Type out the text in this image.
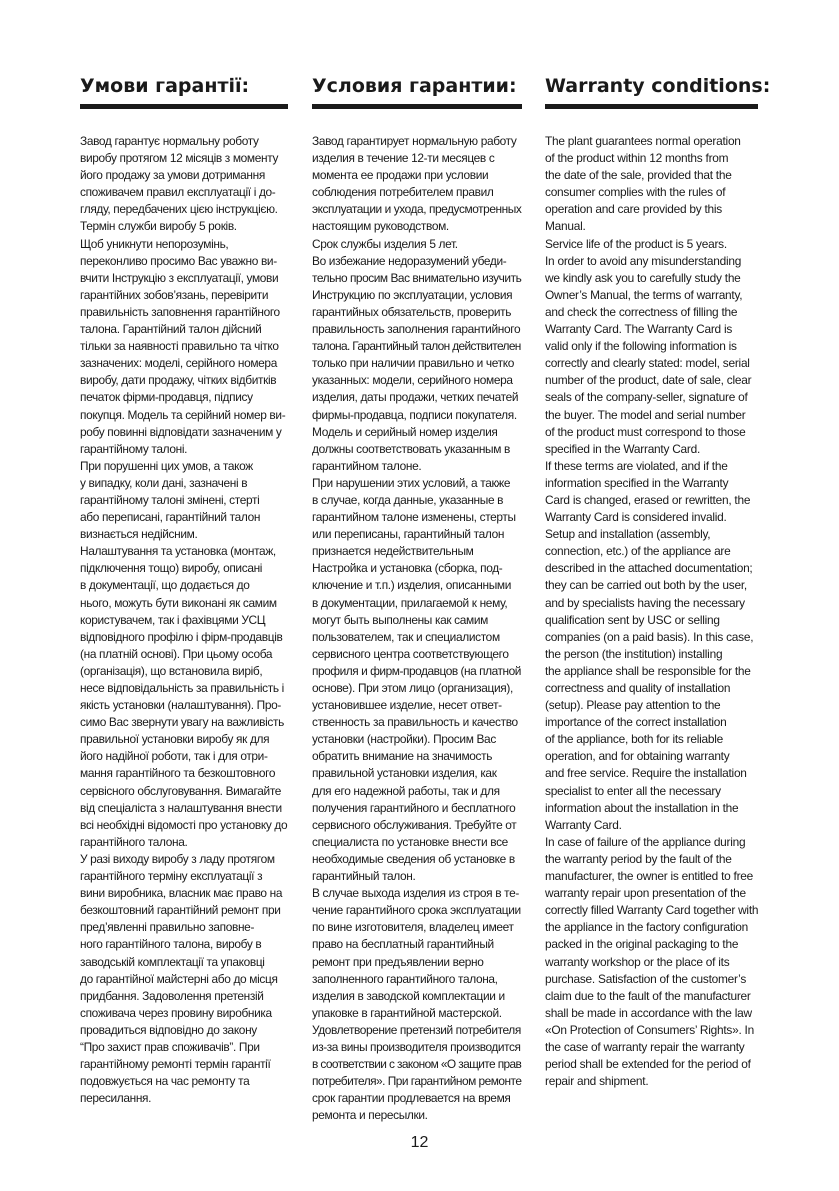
Умови гарантії:
Завод гарантує нормальну роботу
виробу протягом 12 місяців з моменту
його продажу за умови дотримання
споживачем правил експлуатації і до-
гляду, передбачених цією інструкцією.
Термін служби виробу 5 років.
Щоб уникнути непорозумінь,
переконливо просимо Вас уважно ви-
вчити Інструкцію з експлуатації, умови
гарантійних зобов’язань, перевірити
правильність заповнення гарантійного
талона. Гарантійний талон дійсний
тільки за наявності правильно та чітко
зазначених: моделі, серійного номера
виробу, дати продажу, чітких відбитків
печаток фірми-продавця, підпису
покупця. Модель та серійний номер ви-
робу повинні відповідати зазначеним у
гарантійному талоні.
При порушенні цих умов, а також
у випадку, коли дані, зазначені в
гарантійному талоні змінені, стерті
або переписані, гарантійний талон
визнається недійсним.
Налаштування та установка (монтаж,
підключення тощо) виробу, описані
в документації, що додається до
нього, можуть бути виконані як самим
користувачем, так і фахівцями УСЦ
відповідного профілю і фірм-продавців
(на платній основі). При цьому особа
(організація), що встановила виріб,
несе відповідальність за правильність і
якість установки (налаштування). Про-
симо Вас звернути увагу на важливість
правильної установки виробу як для
його надійної роботи, так і для отри-
мання гарантійного та безкоштовного
сервісного обслуговування. Вимагайте
від спеціаліста з налаштування внести
всі необхідні відомості про установку до
гарантійного талона.
У разі виходу виробу з ладу протягом
гарантійного терміну експлуатації з
вини виробника, власник має право на
безкоштовний гарантійний ремонт при
пред’явленні правильно заповне-
ного гарантійного талона, виробу в
заводській комплектації та упаковці
до гарантійної майстерні або до місця
придбання. Задоволення претензій
споживача через провину виробника
провадиться відповідно до закону
“Про захист прав споживачів”. При
гарантійному ремонті термін гарантії
подовжується на час ремонту та
пересилання.
Условия гарантии:
Завод гарантирует нормальную работу
изделия в течение 12-ти месяцев с
момента ее продажи при условии
соблюдения потребителем правил
эксплуатации и ухода, предусмотренных
настоящим руководством.
Срок службы изделия 5 лет.
Во избежание недоразумений убеди-
тельно просим Вас внимательно изучить
Инструкцию по эксплуатации, условия
гарантийных обязательств, проверить
правильность заполнения гарантийного
талона. Гарантийный талон действителен
только при наличии правильно и четко
указанных: модели, серийного номера
изделия, даты продажи, четких печатей
фирмы-продавца, подписи покупателя.
Модель и серийный номер изделия
должны соответствовать указанным в
гарантийном талоне.
При нарушении этих условий, а также
в случае, когда данные, указанные в
гарантийном талоне изменены, стерты
или переписаны, гарантийный талон
признается недействительным
Настройка и установка (сборка, под-
ключение и т.п.) изделия, описанными
в документации, прилагаемой к нему,
могут быть выполнены как самим
пользователем, так и специалистом
сервисного центра соответствующего
профиля и фирм-продавцов (на платной
основе). При этом лицо (организация),
установившее изделие, несет ответ-
ственность за правильность и качество
установки (настройки). Просим Вас
обратить внимание на значимость
правильной установки изделия, как
для его надежной работы, так и для
получения гарантийного и бесплатного
сервисного обслуживания. Требуйте от
специалиста по установке внести все
необходимые сведения об установке в
гарантийный талон.
В случае выхода изделия из строя в те-
чение гарантийного срока эксплуатации
по вине изготовителя, владелец имеет
право на бесплатный гарантийный
ремонт при предъявлении верно
заполненного гарантийного талона,
изделия в заводской комплектации и
упаковке в гарантийной мастерской.
Удовлетворение претензий потребителя
из-за вины производителя производится
в соответствии с законом «О защите прав
потребителя». При гарантийном ремонте
срок гарантии продлевается на время
ремонта и пересылки.
Warranty conditions:
The plant guarantees normal operation
of the product within 12 months from
the date of the sale, provided that the
consumer complies with the rules of
operation and care provided by this
Manual.
Service life of the product is 5 years.
In order to avoid any misunderstanding
we kindly ask you to carefully study the
Owner’s Manual, the terms of warranty,
and check the correctness of filling the
Warranty Card. The Warranty Card is
valid only if the following information is
correctly and clearly stated: model, serial
number of the product, date of sale, clear
seals of the company-seller, signature of
the buyer. The model and serial number
of the product must correspond to those
specified in the Warranty Card.
If these terms are violated, and if the
information specified in the Warranty
Card is changed, erased or rewritten, the
Warranty Card is considered invalid.
Setup and installation (assembly,
connection, etc.) of the appliance are
described in the attached documentation;
they can be carried out both by the user,
and by specialists having the necessary
qualification sent by USC or selling
companies (on a paid basis). In this case,
the person (the institution) installing
the appliance shall be responsible for the
correctness and quality of installation
(setup). Please pay attention to the
importance of the correct installation
of the appliance, both for its reliable
operation, and for obtaining warranty
and free service. Require the installation
specialist to enter all the necessary
information about the installation in the
Warranty Card.
In case of failure of the appliance during
the warranty period by the fault of the
manufacturer, the owner is entitled to free
warranty repair upon presentation of the
correctly filled Warranty Card together with
the appliance in the factory configuration
packed in the original packaging to the
warranty workshop or the place of its
purchase. Satisfaction of the customer’s
claim due to the fault of the manufacturer
shall be made in accordance with the law
«On Protection of Consumers’ Rights». In
the case of warranty repair the warranty
period shall be extended for the period of
repair and shipment.
12
